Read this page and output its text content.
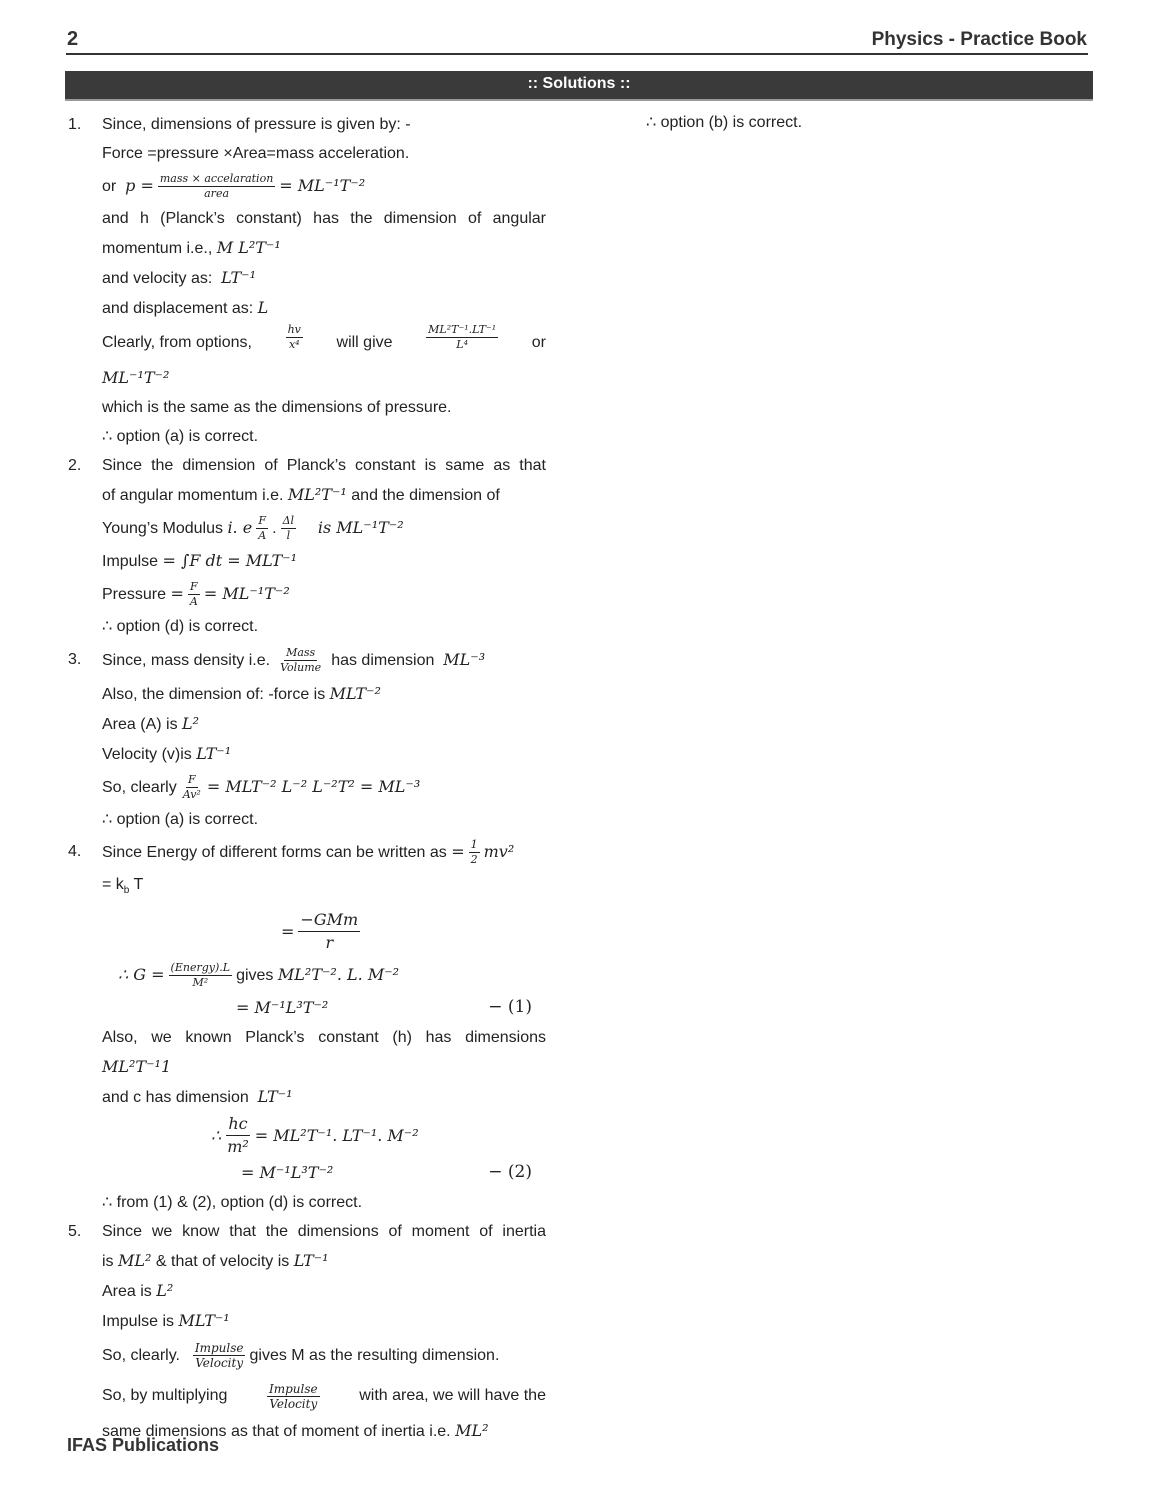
2	Physics - Practice Book
:: Solutions ::
1. Since, dimensions of pressure is given by: -
Force =pressure ×Area=mass acceleration.
or $p = \frac{\text{mass × accelaration}}{\text{area}} = ML^{-1}T^{-2}$
and h (Planck’s constant) has the dimension of angular
momentum i.e., M L²T⁻¹
and velocity as: LT⁻¹
and displacement as: L
Clearly, from options,	$\frac{hv}{\text{x⁴}}$ will give	$\frac{\text{ML²T⁻¹.LT⁻¹}}{\text{L⁴}}$ or
ML⁻¹T⁻²
which is the same as the dimensions of pressure.
∴ option (a) is correct.
2. Since the dimension of Planck’s constant is same as that
of angular momentum i.e. ML²T⁻¹ and the dimension of
Young’s Modulus i. e $\frac{F}{A}$ . $\frac{\Delta l}{l}$ is ML⁻¹T⁻²
Impulse = ∫F dt = MLT⁻¹
Pressure = $\frac{F}{A} = ML^{-1}T^{-2}$
∴ option (d) is correct.
3. Since, mass density i.e. $\frac{\text{Mass}}{\text{Volume}}$ has dimension ML⁻³
Also, the dimension of: -force is MLT⁻²
Area (A) is L²
Velocity (v)is LT⁻¹
So, clearly $\frac{F}{\text{Av²}} = MLT^{-2}$ L⁻² L⁻²T² = ML⁻³
∴ option (a) is correct.
4. Since Energy of different forms can be written as = $\frac{1}{2} mv^2$
= $k_b$ T
= $\frac{\text{−GMm}}{r}$
∴ $G = \frac{\text{(Energy).L}}{\text{M²}}$ gives ML²T⁻². L. M⁻²
= M⁻¹L³T⁻²	− (1)
Also, we known Planck’s constant (h) has dimensions
ML²T⁻¹1
and c has dimension LT⁻¹
∴ $\frac{hc}{\text{m²}} = ML^2T^{-1}$. LT⁻¹. M⁻²
= M⁻¹L³T⁻²	− (2)
∴ from (1) & (2), option (d) is correct.
5. Since we know that the dimensions of moment of inertia
is ML² & that of velocity is LT⁻¹
Area is L²
Impulse is MLT⁻¹
So, clearly. $\frac{\text{Impulse}}{\text{Velocity}}$ gives M as the resulting dimension.
So, by multiplying	$\frac{\text{Impulse}}{\text{Velocity}}$ with area, we will have the
same dimensions as that of moment of inertia i.e. ML²
∴ option (b) is correct.
IFAS Publications
